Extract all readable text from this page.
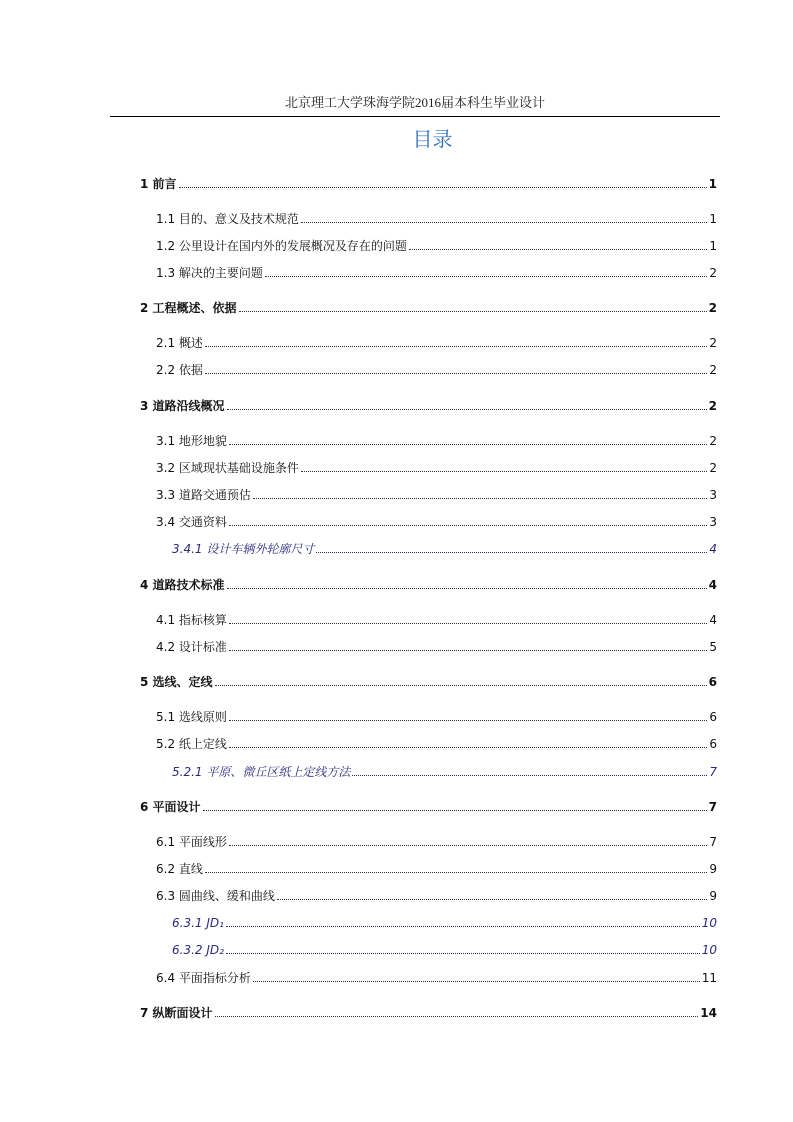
北京理工大学珠海学院2016届本科生毕业设计
目录
1 前言	1
1.1 目的、意义及技术规范	1
1.2 公里设计在国内外的发展概况及存在的问题	1
1.3 解决的主要问题	2
2 工程概述、依据	2
2.1 概述	2
2.2 依据	2
3 道路沿线概况	2
3.1 地形地貌	2
3.2 区域现状基础设施条件	2
3.3 道路交通预估	3
3.4 交通资料	3
3.4.1 设计车辆外轮廓尺寸	4
4 道路技术标准	4
4.1 指标核算	4
4.2 设计标准	5
5 选线、定线	6
5.1 选线原则	6
5.2 纸上定线	6
5.2.1 平原、微丘区纸上定线方法	7
6 平面设计	7
6.1 平面线形	7
6.2 直线	9
6.3 圆曲线、缓和曲线	9
6.3.1 JD₁	10
6.3.2 JD₂	10
6.4 平面指标分析	11
7 纵断面设计	14
